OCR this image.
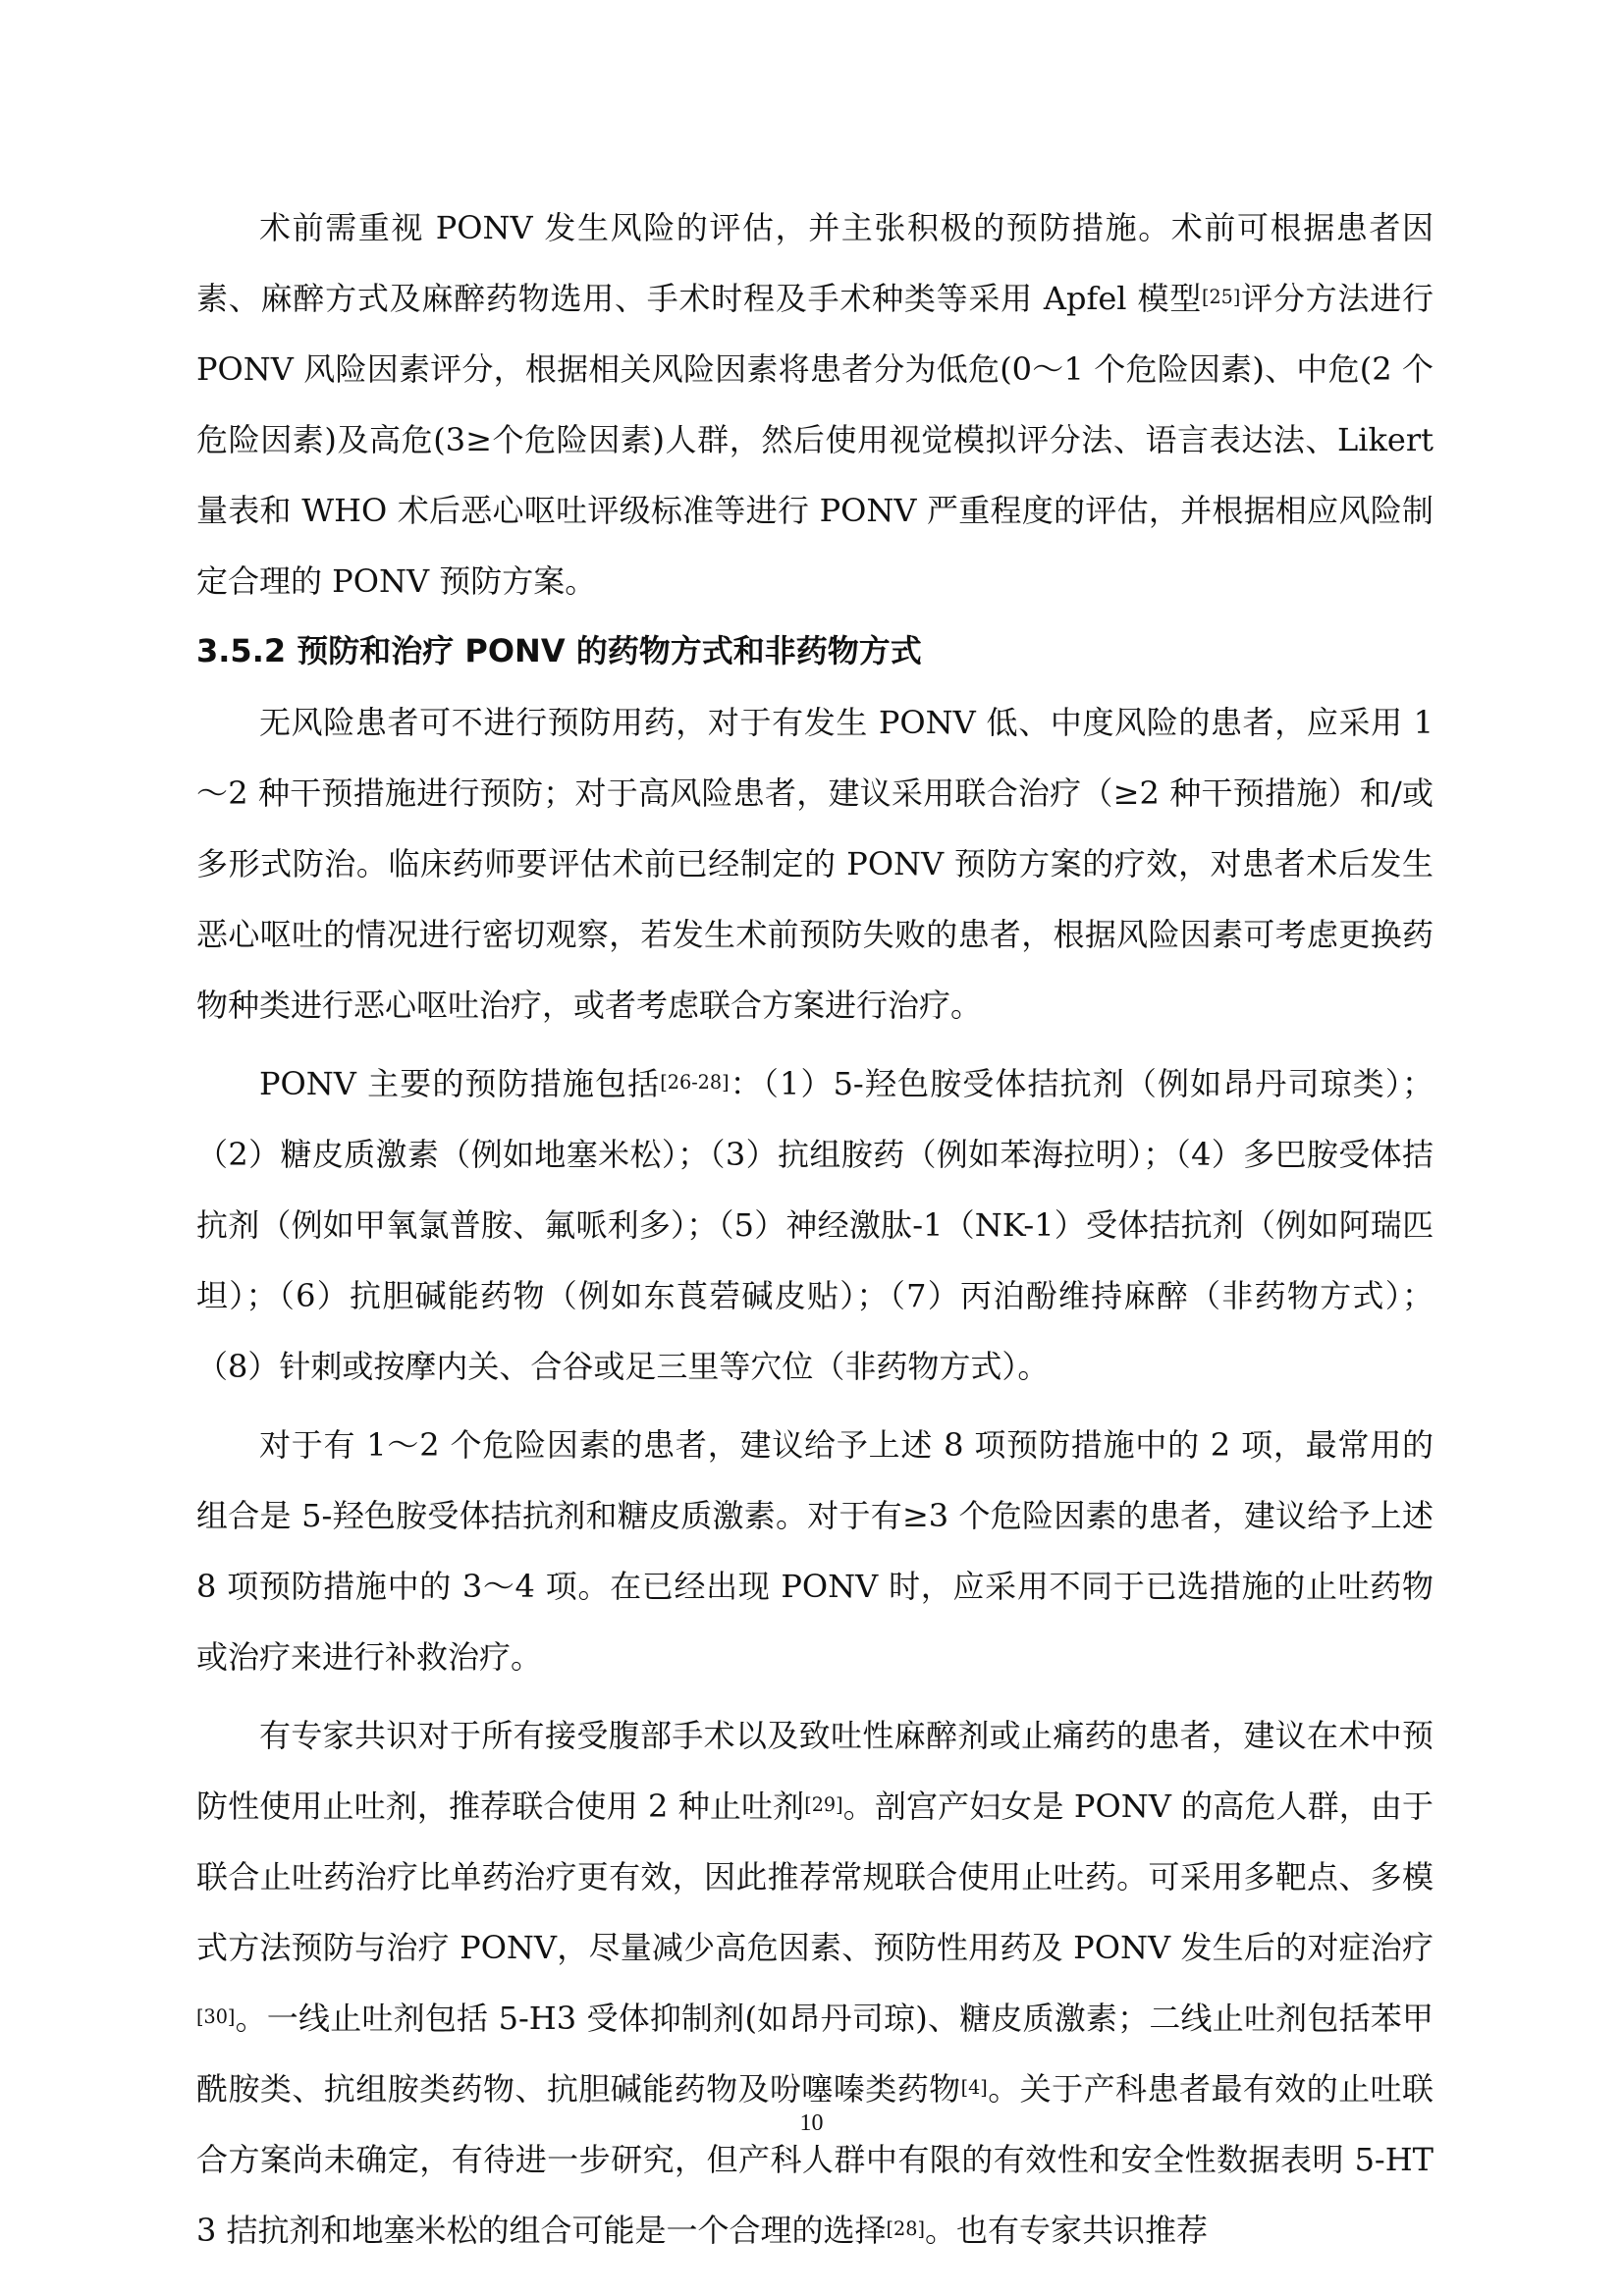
术前需重视 PONV 发生风险的评估，并主张积极的预防措施。术前可根据患者因素、麻醉方式及麻醉药物选用、手术时程及手术种类等采用 Apfel 模型[25]评分方法进行 PONV 风险因素评分，根据相关风险因素将患者分为低危(0～1 个危险因素)、中危(2 个危险因素)及高危(3≥个危险因素)人群，然后使用视觉模拟评分法、语言表达法、Likert 量表和 WHO 术后恶心呕吐评级标准等进行 PONV 严重程度的评估，并根据相应风险制定合理的 PONV 预防方案。

3.5.2 预防和治疗 PONV 的药物方式和非药物方式

无风险患者可不进行预防用药，对于有发生 PONV 低、中度风险的患者，应采用 1～2 种干预措施进行预防；对于高风险患者，建议采用联合治疗（≥2 种干预措施）和/或多形式防治。临床药师要评估术前已经制定的 PONV 预防方案的疗效，对患者术后发生恶心呕吐的情况进行密切观察，若发生术前预防失败的患者，根据风险因素可考虑更换药物种类进行恶心呕吐治疗，或者考虑联合方案进行治疗。

PONV 主要的预防措施包括[26-28]：（1）5-羟色胺受体拮抗剂（例如昂丹司琼类）；（2）糖皮质激素（例如地塞米松）；（3）抗组胺药（例如苯海拉明）；（4）多巴胺受体拮抗剂（例如甲氧氯普胺、氟哌利多）；（5）神经激肽-1（NK-1）受体拮抗剂（例如阿瑞匹坦）；（6）抗胆碱能药物（例如东莨菪碱皮贴）；（7）丙泊酚维持麻醉（非药物方式）；（8）针刺或按摩内关、合谷或足三里等穴位（非药物方式）。

对于有 1～2 个危险因素的患者，建议给予上述 8 项预防措施中的 2 项，最常用的组合是 5-羟色胺受体拮抗剂和糖皮质激素。对于有≥3 个危险因素的患者，建议给予上述 8 项预防措施中的 3～4 项。在已经出现 PONV 时，应采用不同于已选措施的止吐药物或治疗来进行补救治疗。

有专家共识对于所有接受腹部手术以及致吐性麻醉剂或止痛药的患者，建议在术中预防性使用止吐剂，推荐联合使用 2 种止吐剂[29]。剖宫产妇女是 PONV 的高危人群，由于联合止吐药治疗比单药治疗更有效，因此推荐常规联合使用止吐药。可采用多靶点、多模式方法预防与治疗 PONV，尽量减少高危因素、预防性用药及 PONV 发生后的对症治疗[30]。一线止吐剂包括 5-H3 受体抑制剂(如昂丹司琼)、糖皮质激素；二线止吐剂包括苯甲酰胺类、抗组胺类药物、抗胆碱能药物及吩噻嗪类药物[4]。关于产科患者最有效的止吐联合方案尚未确定，有待进一步研究，但产科人群中有限的有效性和安全性数据表明 5-HT3 拮抗剂和地塞米松的组合可能是一个合理的选择[28]。也有专家共识推荐

10
